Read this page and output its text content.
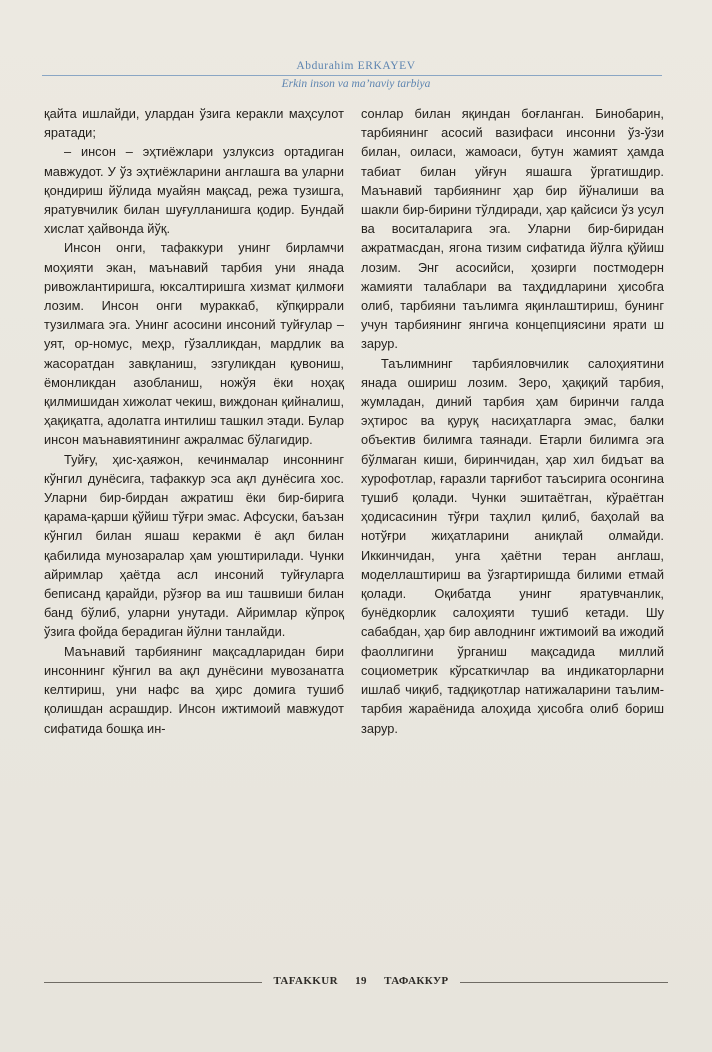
Abdurahim ERKAYEV
Erkin inson va ma’naviy tarbiya

қайта ишлайди, улардан ўзига керакли маҳсулот яратади;

– инсон – эҳтиёжлари узлуксиз ортадиган мавжудот. У ўз эҳтиёжларини англашга ва уларни қондириш йўлида муайян мақсад, режа тузишга, яратувчилик билан шуғулланишга қодир. Бундай хислат ҳайвонда йўқ.

Инсон онги, тафаккури унинг бирламчи моҳияти экан, маънавий тарбия уни янада ривожлантиришга, юксалтиришга хизмат қилмоғи лозим. Инсон онги мураккаб, кўпқиррали тузилмага эга. Унинг асосини инсоний туйғулар – уят, ор-номус, меҳр, гўзалликдан, мардлик ва жасоратдан завқланиш, эзгуликдан қувониш, ёмонликдан азобланиш, ножўя ёки ноҳақ қилмишидан хижолат чекиш, виждонан қийналиш, ҳақиқатга, адолатга интилиш ташкил этади. Булар инсон маънавиятининг ажралмас бўлагидир.

Туйғу, ҳис-ҳаяжон, кечинмалар инсоннинг кўнгил дунёсига, тафаккур эса ақл дунёсига хос. Уларни бир-бирдан ажратиш ёки бир-бирига қарама-қарши қўйиш тўғри эмас. Афсуски, баъзан кўнгил билан яшаш керакми ё ақл билан қабилида мунозаралар ҳам уюштирилади. Чунки айримлар ҳаётда асл инсоний туйғуларга беписанд қарайди, рўзғор ва иш ташвиши билан банд бўлиб, уларни унутади. Айримлар кўпроқ ўзига фойда берадиган йўлни танлайди.

Маънавий тарбиянинг мақсадларидан бири инсоннинг кўнгил ва ақл дунёсини мувозанатга келтириш, уни нафс ва ҳирс домига тушиб қолишдан асрашдир. Инсон ижтимоий мавжудот сифатида бошқа ин-

сонлар билан яқиндан боғланган. Бинобарин, тарбиянинг асосий вазифаси инсонни ўз-ўзи билан, оиласи, жамоаси, бутун жамият ҳамда табиат билан уйғун яшашга ўргатишдир. Маънавий тарбиянинг ҳар бир йўналиши ва шакли бир-бирини тўлдиради, ҳар қайсиси ўз усул ва воситаларига эга. Уларни бир-биридан ажратмасдан, ягона тизим сифатида йўлга қўйиш лозим. Энг асосийси, ҳозирги постмодерн жамияти талаблари ва таҳдидларини ҳисобга олиб, тарбияни таълимга яқинлаштириш, бунинг учун тарбиянинг янгича концепциясини ярати ш зарур.

Таълимнинг тарбияловчилик салоҳиятини янада ошириш лозим. Зеро, ҳақиқий тарбия, жумладан, диний тарбия ҳам биринчи галда эҳтирос ва қуруқ насиҳатларга эмас, балки объектив билимга таянади. Етарли билимга эга бўлмаган киши, биринчидан, ҳар хил бидъат ва хурофотлар, ғаразли тарғибот таъсирига осонгина тушиб қолади. Чунки эшитаётган, кўраётган ҳодисасинин тўғри таҳлил қилиб, баҳолай ва нотўғри жиҳатларини аниқлай олмайди. Иккинчидан, унга ҳаётни теран англаш, моделлаштириш ва ўзгартиришда билими етмай қолади. Оқибатда унинг яратувчанлик, бунёдкорлик салоҳияти тушиб кетади. Шу сабабдан, ҳар бир авлоднинг ижтимоий ва ижодий фаоллигини ўрганиш мақсадида миллий социометрик кўрсаткичлар ва индикаторларни ишлаб чиқиб, тадқиқотлар натижаларини таълим-тарбия жараёнида алоҳида ҳисобга олиб бориш зарур.

TAFAKKUR 19 ТАФАККУР
